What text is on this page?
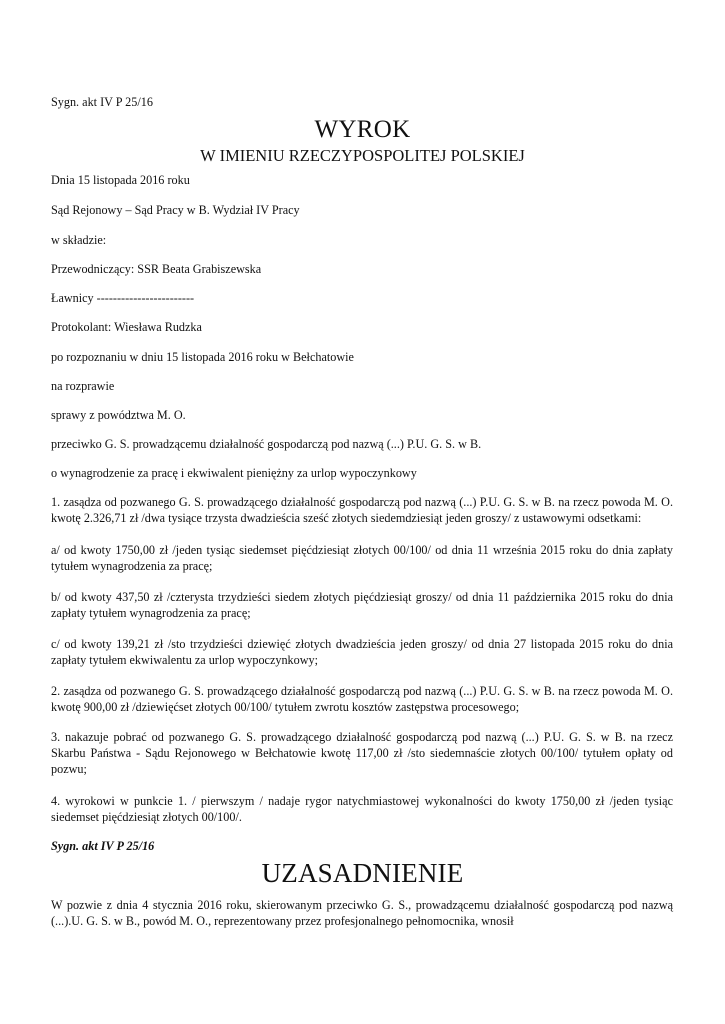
Sygn. akt IV P 25/16

WYROK
W IMIENIU RZECZYPOSPOLITEJ POLSKIEJ

Dnia 15 listopada 2016 roku

Sąd Rejonowy – Sąd Pracy w B. Wydział IV Pracy

w składzie:

Przewodniczący: SSR Beata Grabiszewska

Ławnicy ------------------------

Protokolant: Wiesława Rudzka

po rozpoznaniu w dniu 15 listopada 2016 roku w Bełchatowie

na rozprawie

sprawy z powództwa M. O.

przeciwko G. S. prowadzącemu działalność gospodarczą pod nazwą (...) P.U. G. S. w B.

o wynagrodzenie za pracę i ekwiwalent pieniężny za urlop wypoczynkowy

1. zasądza od pozwanego G. S. prowadzącego działalność gospodarczą pod nazwą (...) P.U. G. S. w B. na rzecz powoda M. O. kwotę 2.326,71 zł /dwa tysiące trzysta dwadzieścia sześć złotych siedemdziesiąt jeden groszy/ z ustawowymi odsetkami:

a/ od kwoty 1750,00 zł /jeden tysiąc siedemset pięćdziesiąt złotych 00/100/ od dnia 11 września 2015 roku do dnia zapłaty tytułem wynagrodzenia za pracę;

b/ od kwoty 437,50 zł /czterysta trzydzieści siedem złotych pięćdziesiąt groszy/ od dnia 11 października 2015 roku do dnia zapłaty tytułem wynagrodzenia za pracę;

c/ od kwoty 139,21 zł /sto trzydzieści dziewięć złotych dwadzieścia jeden groszy/ od dnia 27 listopada 2015 roku do dnia zapłaty tytułem ekwiwalentu za urlop wypoczynkowy;

2. zasądza od pozwanego G. S. prowadzącego działalność gospodarczą pod nazwą (...) P.U. G. S. w B. na rzecz powoda M. O. kwotę 900,00 zł /dziewięćset złotych 00/100/ tytułem zwrotu kosztów zastępstwa procesowego;

3. nakazuje pobrać od pozwanego G. S. prowadzącego działalność gospodarczą pod nazwą (...) P.U. G. S. w B. na rzecz Skarbu Państwa - Sądu Rejonowego w Bełchatowie kwotę 117,00 zł /sto siedemnaście złotych 00/100/ tytułem opłaty od pozwu;

4. wyrokowi w punkcie 1. / pierwszym / nadaje rygor natychmiastowej wykonalności do kwoty 1750,00 zł /jeden tysiąc siedemset pięćdziesiąt złotych 00/100/.

Sygn. akt IV P 25/16

UZASADNIENIE

W pozwie z dnia 4 stycznia 2016 roku, skierowanym przeciwko G. S., prowadzącemu działalność gospodarczą pod nazwą (...).U. G. S. w B., powód M. O., reprezentowany przez profesjonalnego pełnomocnika, wnosił
